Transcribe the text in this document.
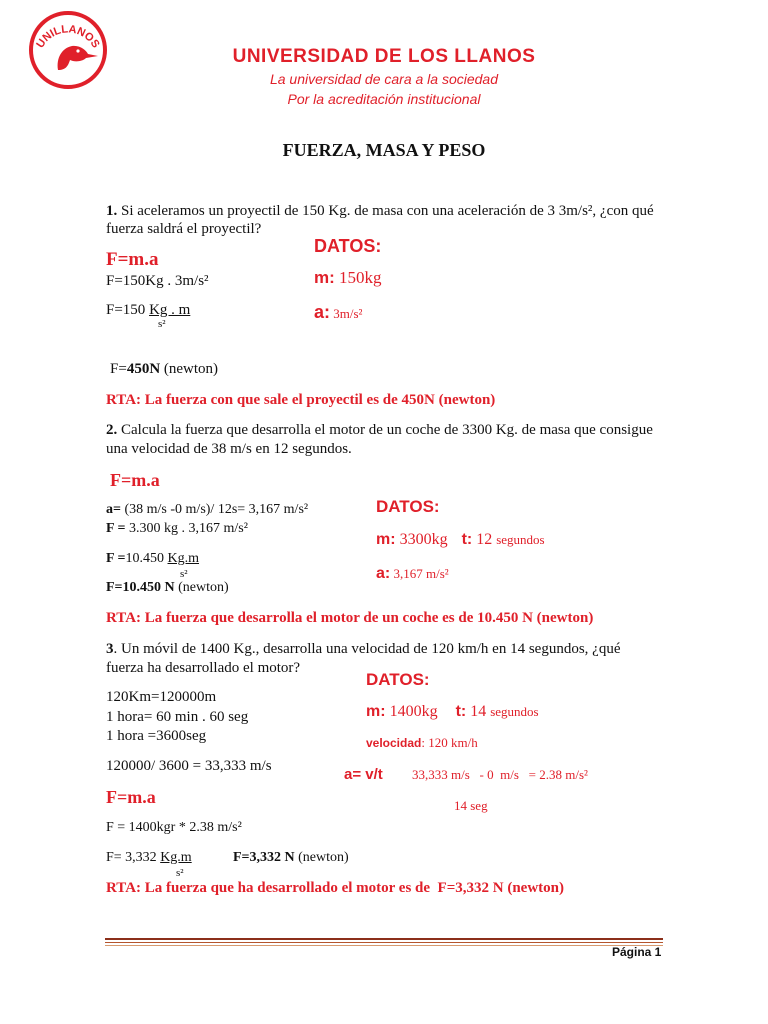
UNILLANOS
UNIVERSIDAD DE LOS LLANOS
La universidad de cara a la sociedad
Por la acreditación institucional
FUERZA, MASA Y PESO
1. Si aceleramos un proyectil de 150 Kg. de masa con una aceleración de 3 3m/s², ¿con qué
fuerza saldrá el proyectil?
F=m.a
F=150Kg . 3m/s²
F=150 Kg . m
s²
F=450N (newton)
DATOS:
m: 150kg
a: 3m/s²
RTA: La fuerza con que sale el proyectil es de 450N (newton)
2. Calcula la fuerza que desarrolla el motor de un coche de 3300 Kg. de masa que consigue
una velocidad de 38 m/s en 12 segundos.
F=m.a
a= (38 m/s -0 m/s)/ 12s= 3,167 m/s²
F = 3.300 kg . 3,167 m/s²
F =10.450 Kg.m
s²
F=10.450 N (newton)
DATOS:
m: 3300kg t: 12 segundos
a: 3,167 m/s²
RTA: La fuerza que desarrolla el motor de un coche es de 10.450 N (newton)
3. Un móvil de 1400 Kg., desarrolla una velocidad de 120 km/h en 14 segundos, ¿qué
fuerza ha desarrollado el motor?
120Km=120000m
1 hora= 60 min . 60 seg
1 hora =3600seg
120000/ 3600 = 33,333 m/s
F=m.a
F = 1400kgr * 2.38 m/s²
F= 3,332 Kg.m
s²
F=3,332 N (newton)
DATOS:
m: 1400kg t: 14 segundos
velocidad: 120 km/h
a= v/t 33,333 m/s   - 0  m/s   = 2.38 m/s²
14 seg
RTA: La fuerza que ha desarrollado el motor es de  F=3,332 N (newton)
Página 1
